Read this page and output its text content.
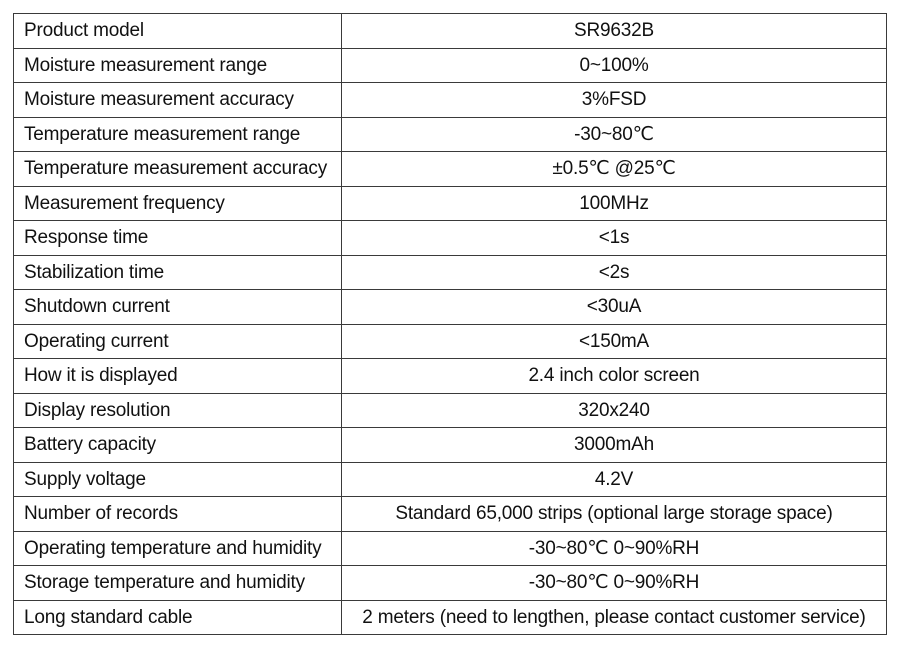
Product model	SR9632B
Moisture measurement range	0~100%
Moisture measurement accuracy	3%FSD
Temperature measurement range	-30~80℃
Temperature measurement accuracy	±0.5℃ @25℃
Measurement frequency	100MHz
Response time	<1s
Stabilization time	<2s
Shutdown current	<30uA
Operating current	<150mA
How it is displayed	2.4 inch color screen
Display resolution	320x240
Battery capacity	3000mAh
Supply voltage	4.2V
Number of records	Standard 65,000 strips (optional large storage space)
Operating temperature and humidity	-30~80℃ 0~90%RH
Storage temperature and humidity	-30~80℃ 0~90%RH
Long standard cable	2 meters (need to lengthen, please contact customer service)
